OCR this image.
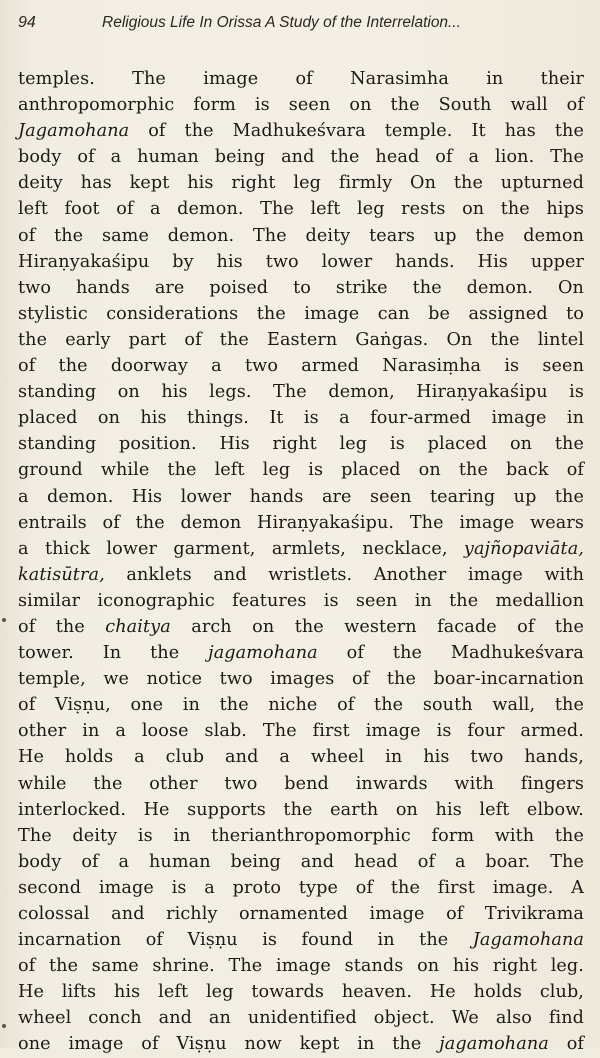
94	Religious Life In Orissa A Study of the Interrelation...
temples. The image of Narasimha in their
anthropomorphic form is seen on the South wall of
Jagamohana of the Madhukeśvara temple. It has the
body of a human being and the head of a lion. The
deity has kept his right leg firmly On the upturned
left foot of a demon. The left leg rests on the hips
of the same demon. The deity tears up the demon
Hiraṇyakaśipu by his two lower hands. His upper
two hands are poised to strike the demon. On
stylistic considerations the image can be assigned to
the early part of the Eastern Gaṅgas. On the lintel
of the doorway a two armed Narasiṃha is seen
standing on his legs. The demon, Hiraṇyakaśipu is
placed on his things. It is a four-armed image in
standing position. His right leg is placed on the
ground while the left leg is placed on the back of
a demon. His lower hands are seen tearing up the
entrails of the demon Hiraṇyakaśipu. The image wears
a thick lower garment, armlets, necklace, yajñopaviāta,
katisūtra, anklets and wristlets. Another image with
similar iconographic features is seen in the medallion
of the chaitya arch on the western facade of the
tower. In the jagamohana of the Madhukeśvara
temple, we notice two images of the boar-incarnation
of Viṣṇu, one in the niche of the south wall, the
other in a loose slab. The first image is four armed.
He holds a club and a wheel in his two hands,
while the other two bend inwards with fingers
interlocked. He supports the earth on his left elbow.
The deity is in therianthropomorphic form with the
body of a human being and head of a boar. The
second image is a proto type of the first image. A
colossal and richly ornamented image of Trivikrama
incarnation of Viṣṇu is found in the Jagamohana
of the same shrine. The image stands on his right leg.
He lifts his left leg towards heaven. He holds club,
wheel conch and an unidentified object. We also find
one image of Viṣṇu now kept in the jagamohana of
